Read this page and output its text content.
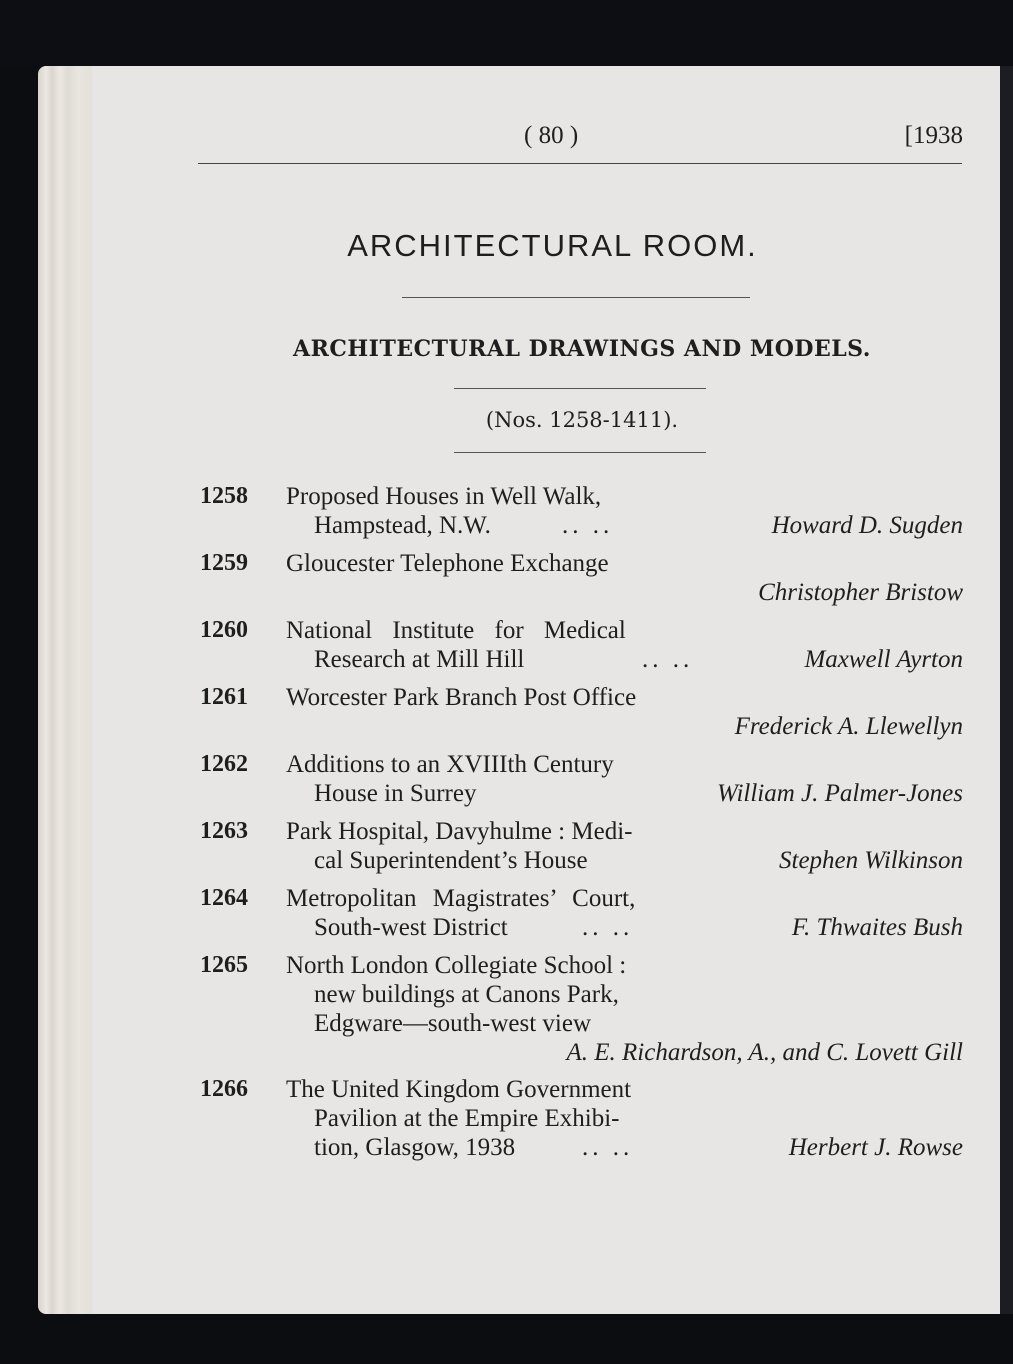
( 80 )	[1938
ARCHITECTURAL ROOM.
ARCHITECTURAL DRAWINGS AND MODELS.
(Nos. 1258-1411).
1258 Proposed Houses in Well Walk,
Hampstead, N.W.	.. ..	Howard D. Sugden
1259 Gloucester Telephone Exchange
Christopher Bristow
1260 National Institute for Medical
Research at Mill Hill	.. ..	Maxwell Ayrton
1261 Worcester Park Branch Post Office
Frederick A. Llewellyn
1262 Additions to an XVIIIth Century
House in Surrey	William J. Palmer-Jones
1263 Park Hospital, Davyhulme : Medi-
cal Superintendent’s House	Stephen Wilkinson
1264 Metropolitan Magistrates’ Court,
South-west District	.. ..	F. Thwaites Bush
1265 North London Collegiate School :
new buildings at Canons Park,
Edgware—south-west view
A. E. Richardson, A., and C. Lovett Gill
1266 The United Kingdom Government
Pavilion at the Empire Exhibi-
tion, Glasgow, 1938	.. ..	Herbert J. Rowse
